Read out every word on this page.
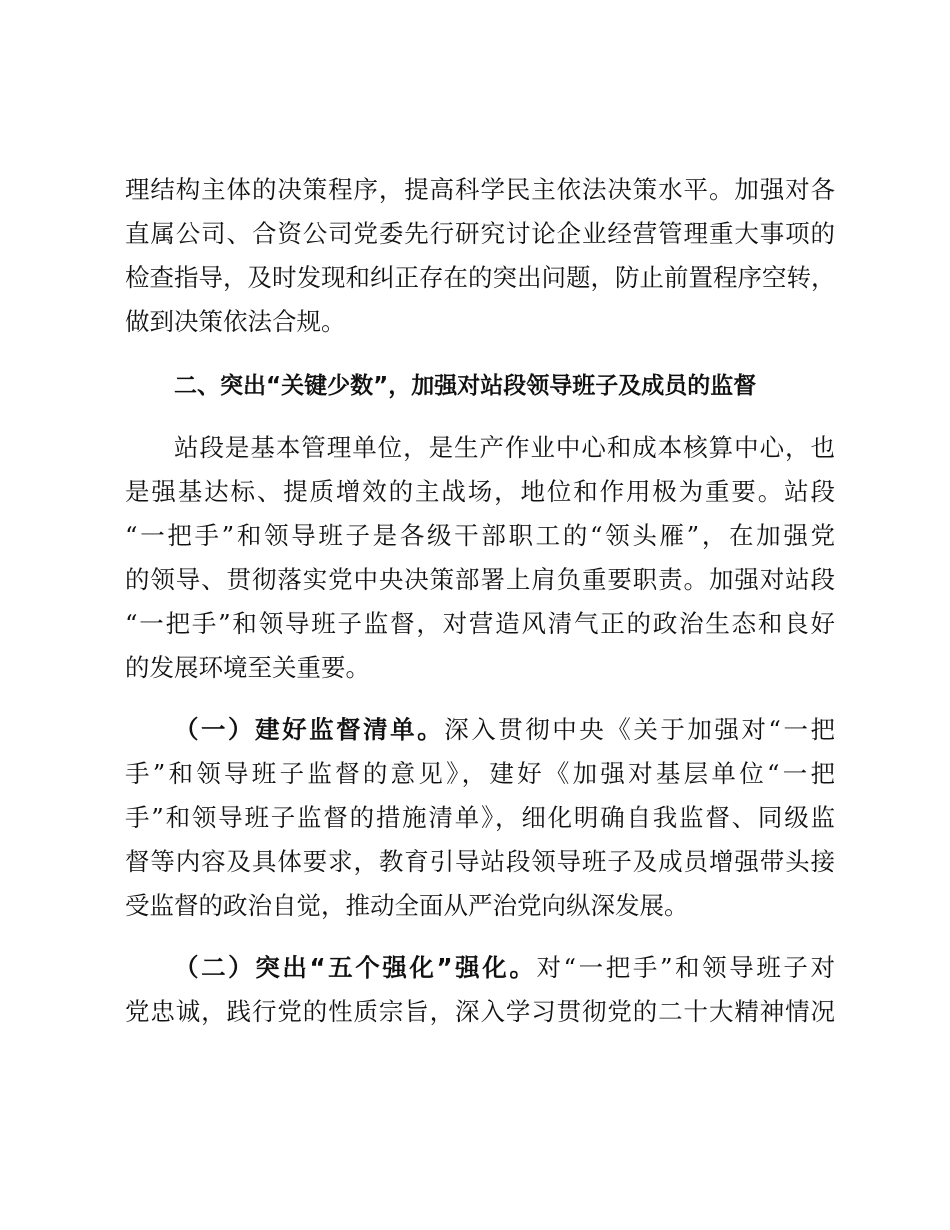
理结构主体的决策程序，提高科学民主依法决策水平。加强对各
直属公司、合资公司党委先行研究讨论企业经营管理重大事项的
检查指导，及时发现和纠正存在的突出问题，防止前置程序空转，
做到决策依法合规。
二、突出“关键少数”，加强对站段领导班子及成员的监督
站段是基本管理单位，是生产作业中心和成本核算中心，也
是强基达标、提质增效的主战场，地位和作用极为重要。站段
“一把手”和领导班子是各级干部职工的“领头雁”，在加强党
的领导、贯彻落实党中央决策部署上肩负重要职责。加强对站段
“一把手”和领导班子监督，对营造风清气正的政治生态和良好
的发展环境至关重要。
（一）建好监督清单。深入贯彻中央《关于加强对“一把
手”和领导班子监督的意见》，建好《加强对基层单位“一把
手”和领导班子监督的措施清单》，细化明确自我监督、同级监
督等内容及具体要求，教育引导站段领导班子及成员增强带头接
受监督的政治自觉，推动全面从严治党向纵深发展。
（二）突出“五个强化”强化。对“一把手”和领导班子对
党忠诚，践行党的性质宗旨，深入学习贯彻党的二十大精神情况
